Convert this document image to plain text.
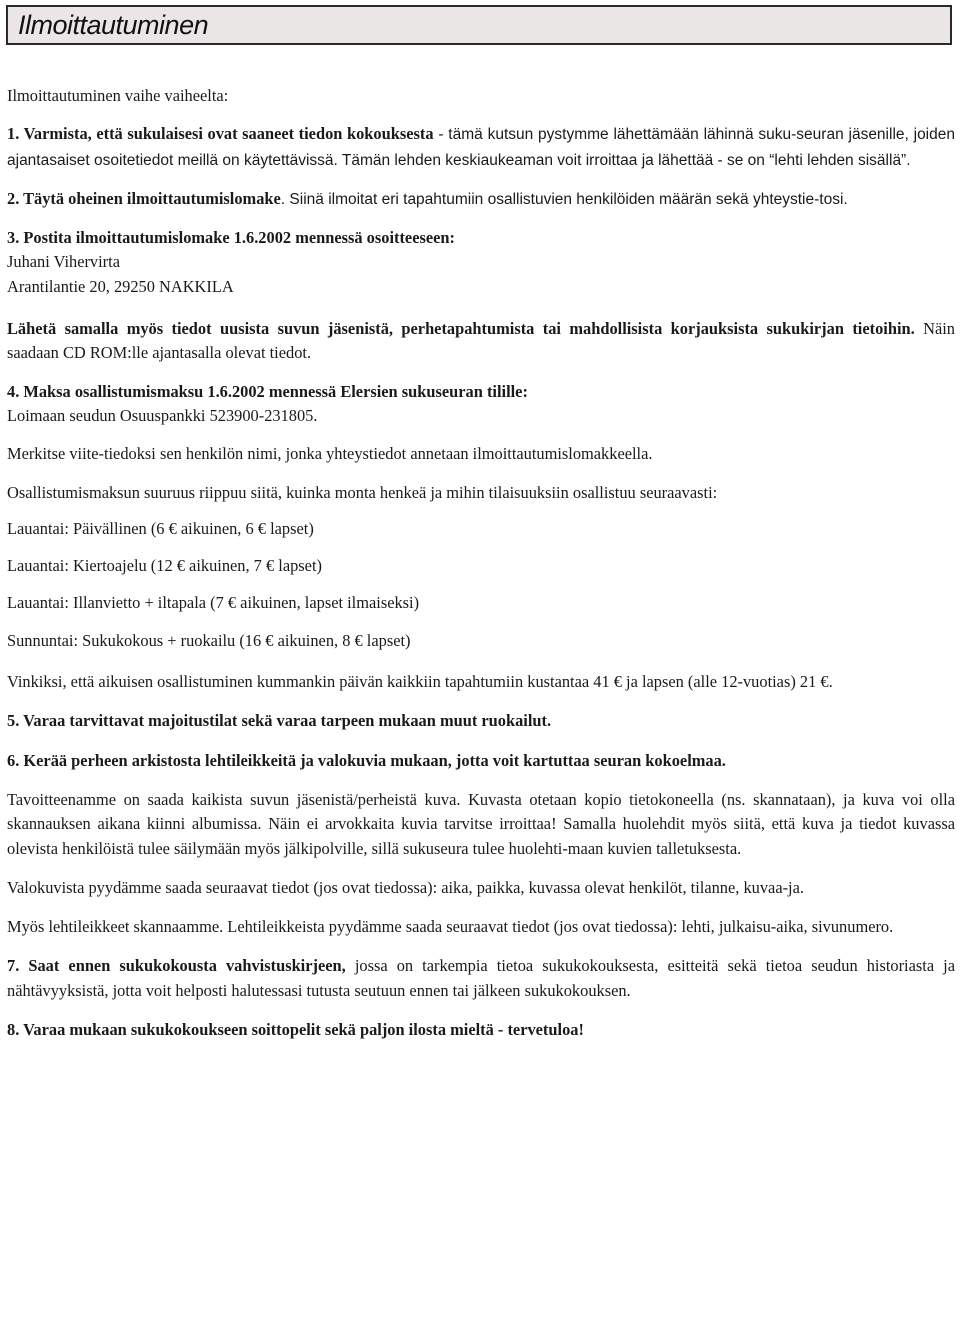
Ilmoittautuminen

Ilmoittautuminen vaihe vaiheelta:

1. Varmista, että sukulaisesi ovat saaneet tiedon kokouksesta - tämä kutsun pystymme lähettämään lähinnä suku-seuran jäsenille, joiden ajantasaiset osoitetiedot meillä on käytettävissä. Tämän lehden keskiaukeaman voit irroittaa ja lähettää - se on “lehti lehden sisällä”.

2. Täytä oheinen ilmoittautumislomake. Siinä ilmoitat eri tapahtumiin osallistuvien henkilöiden määrän sekä yhteystie-tosi.

3. Postita ilmoittautumislomake 1.6.2002 mennessä osoitteeseen:
Juhani Vihervirta
Arantilantie 20, 29250 NAKKILA

Lähetä samalla myös tiedot uusista suvun jäsenistä, perhetapahtumista tai mahdollisista korjauksista sukukirjan tietoihin. Näin saadaan CD ROM:lle ajantasalla olevat tiedot.

4. Maksa osallistumismaksu 1.6.2002 mennessä Elersien sukuseuran tilille:
Loimaan seudun Osuuspankki 523900-231805.

Merkitse viite-tiedoksi sen henkilön nimi, jonka yhteystiedot annetaan ilmoittautumislomakkeella.

Osallistumismaksun suuruus riippuu siitä, kuinka monta henkeä ja mihin tilaisuuksiin osallistuu seuraavasti:

Lauantai: Päivällinen (6 € aikuinen, 6 € lapset)

Lauantai: Kiertoajelu (12 € aikuinen, 7 € lapset)

Lauantai: Illanvietto + iltapala (7 € aikuinen, lapset ilmaiseksi)

Sunnuntai: Sukukokous + ruokailu (16 € aikuinen, 8 € lapset)

Vinkiksi, että aikuisen osallistuminen kummankin päivän kaikkiin tapahtumiin kustantaa 41 € ja lapsen (alle 12-vuotias) 21 €.

5. Varaa tarvittavat majoitustilat sekä varaa tarpeen mukaan muut ruokailut.

6. Kerää perheen arkistosta lehtileikkeitä ja valokuvia mukaan, jotta voit kartuttaa seuran kokoelmaa.

Tavoitteenamme on saada kaikista suvun jäsenistä/perheistä kuva. Kuvasta otetaan kopio tietokoneella (ns. skannataan), ja kuva voi olla skannauksen aikana kiinni albumissa. Näin ei arvokkaita kuvia tarvitse irroittaa! Samalla huolehdit myös siitä, että kuva ja tiedot kuvassa olevista henkilöistä tulee säilymään myös jälkipolville, sillä sukuseura tulee huolehti-maan kuvien talletuksesta.

Valokuvista pyydämme saada seuraavat tiedot (jos ovat tiedossa): aika, paikka, kuvassa olevat henkilöt, tilanne, kuvaa-ja.

Myös lehtileikkeet skannaamme. Lehtileikkeista pyydämme saada seuraavat tiedot (jos ovat tiedossa): lehti, julkaisu-aika, sivunumero.

7. Saat ennen sukukokousta vahvistuskirjeen, jossa on tarkempia tietoa sukukokouksesta, esitteitä sekä tietoa seudun historiasta ja nähtävyyksistä, jotta voit helposti halutessasi tutusta seutuun ennen tai jälkeen sukukokouksen.

8. Varaa mukaan sukukokoukseen soittopelit sekä paljon ilosta mieltä - tervetuloa!
